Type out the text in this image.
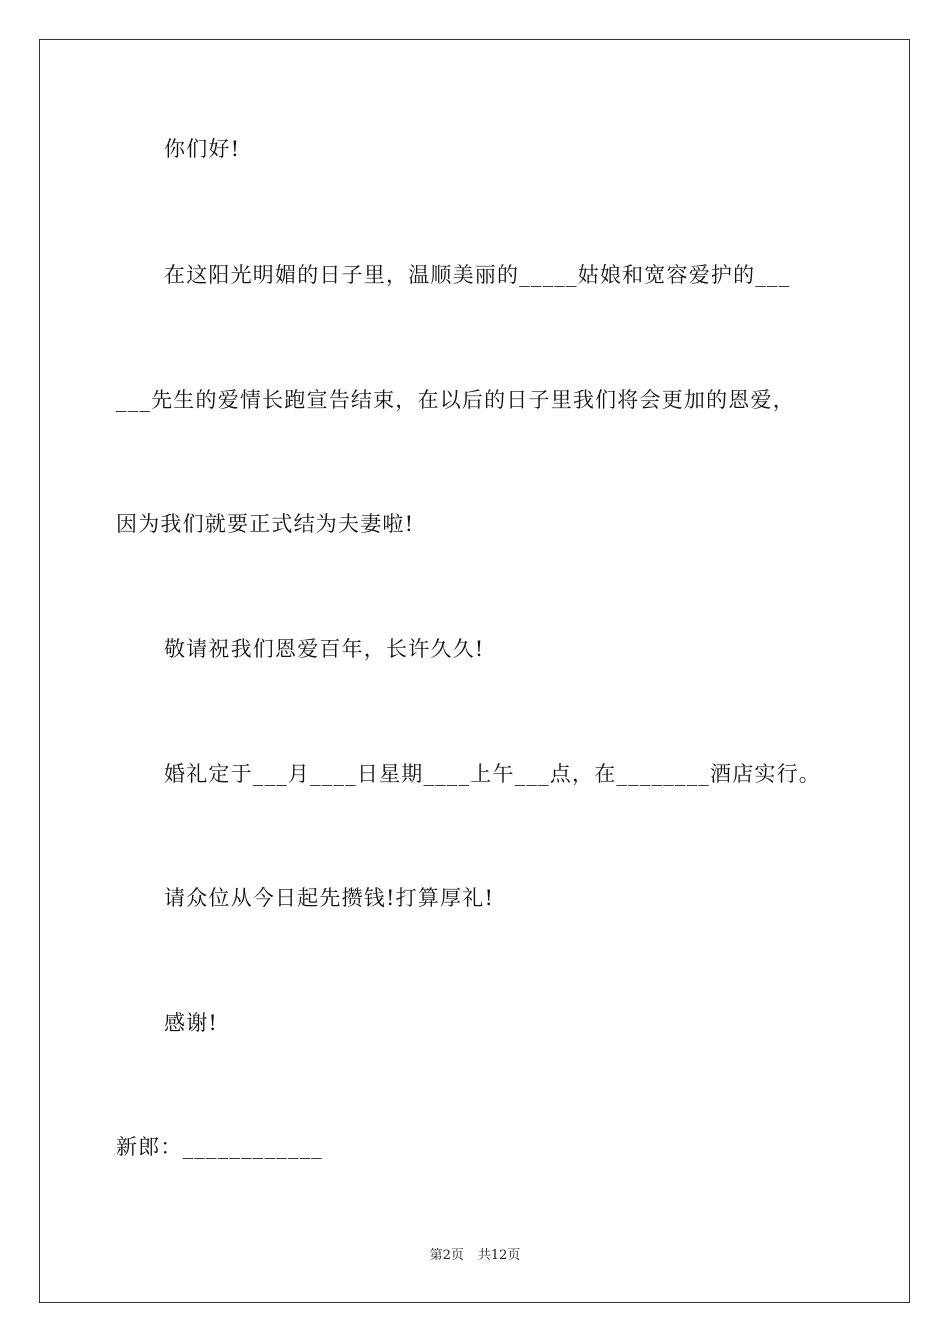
你们好!
在这阳光明媚的日子里，温顺美丽的_____姑娘和宽容爱护的___
___先生的爱情长跑宣告结束，在以后的日子里我们将会更加的恩爱，
因为我们就要正式结为夫妻啦!
敬请祝我们恩爱百年，长许久久!
婚礼定于___月____日星期____上午___点，在________酒店实行。
请众位从今日起先攒钱!打算厚礼!
感谢!
新郎：____________
第2页 共12页
